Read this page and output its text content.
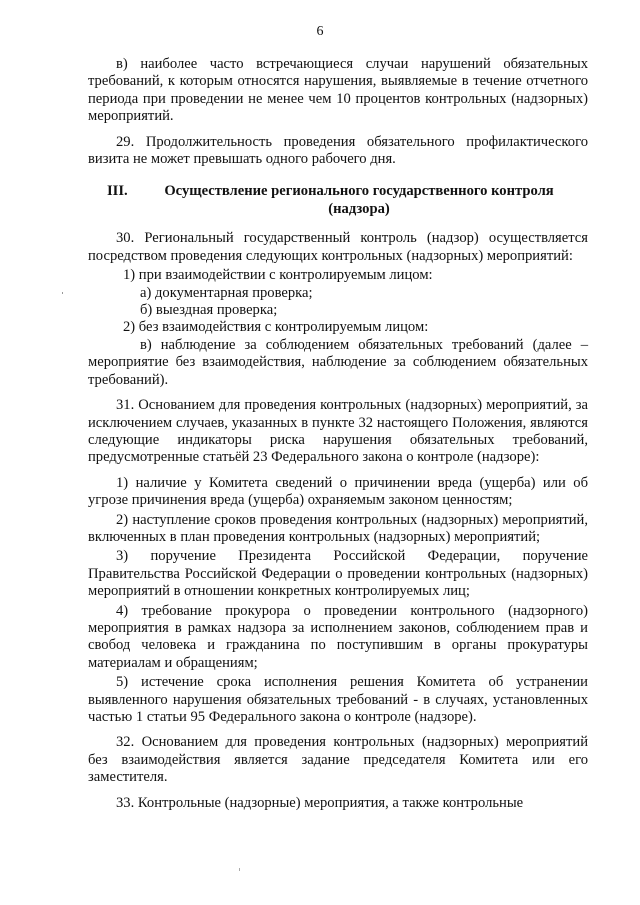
6

в) наиболее часто встречающиеся случаи нарушений обязательных требований, к которым относятся нарушения, выявляемые в течение отчетного периода при проведении не менее чем 10 процентов контрольных (надзорных) мероприятий.

29. Продолжительность проведения обязательного профилактического визита не может превышать одного рабочего дня.

III.	Осуществление регионального государственного контроля (надзора)

30. Региональный государственный контроль (надзор) осуществляется посредством проведения следующих контрольных (надзорных) мероприятий:

1) при взаимодействии с контролируемым лицом:

а) документарная проверка;

б) выездная проверка;

2) без взаимодействия с контролируемым лицом:

в) наблюдение за соблюдением обязательных требований (далее – мероприятие без взаимодействия, наблюдение за соблюдением обязательных требований).

31. Основанием для проведения контрольных (надзорных) мероприятий, за исключением случаев, указанных в пункте 32 настоящего Положения, являются следующие индикаторы риска нарушения обязательных требований, предусмотренные статьёй 23 Федерального закона о контроле (надзоре):

1) наличие у Комитета сведений о причинении вреда (ущерба) или об угрозе причинения вреда (ущерба) охраняемым законом ценностям;

2) наступление сроков проведения контрольных (надзорных) мероприятий, включенных в план проведения контрольных (надзорных) мероприятий;

3) поручение Президента Российской Федерации, поручение Правительства Российской Федерации о проведении контрольных (надзорных) мероприятий в отношении конкретных контролируемых лиц;

4) требование прокурора о проведении контрольного (надзорного) мероприятия в рамках надзора за исполнением законов, соблюдением прав и свобод человека и гражданина по поступившим в органы прокуратуры материалам и обращениям;

5) истечение срока исполнения решения Комитета об устранении выявленного нарушения обязательных требований - в случаях, установленных частью 1 статьи 95 Федерального закона о контроле (надзоре).

32. Основанием для проведения контрольных (надзорных) мероприятий без взаимодействия является задание председателя Комитета или его заместителя.

33. Контрольные (надзорные) мероприятия, а также контрольные
